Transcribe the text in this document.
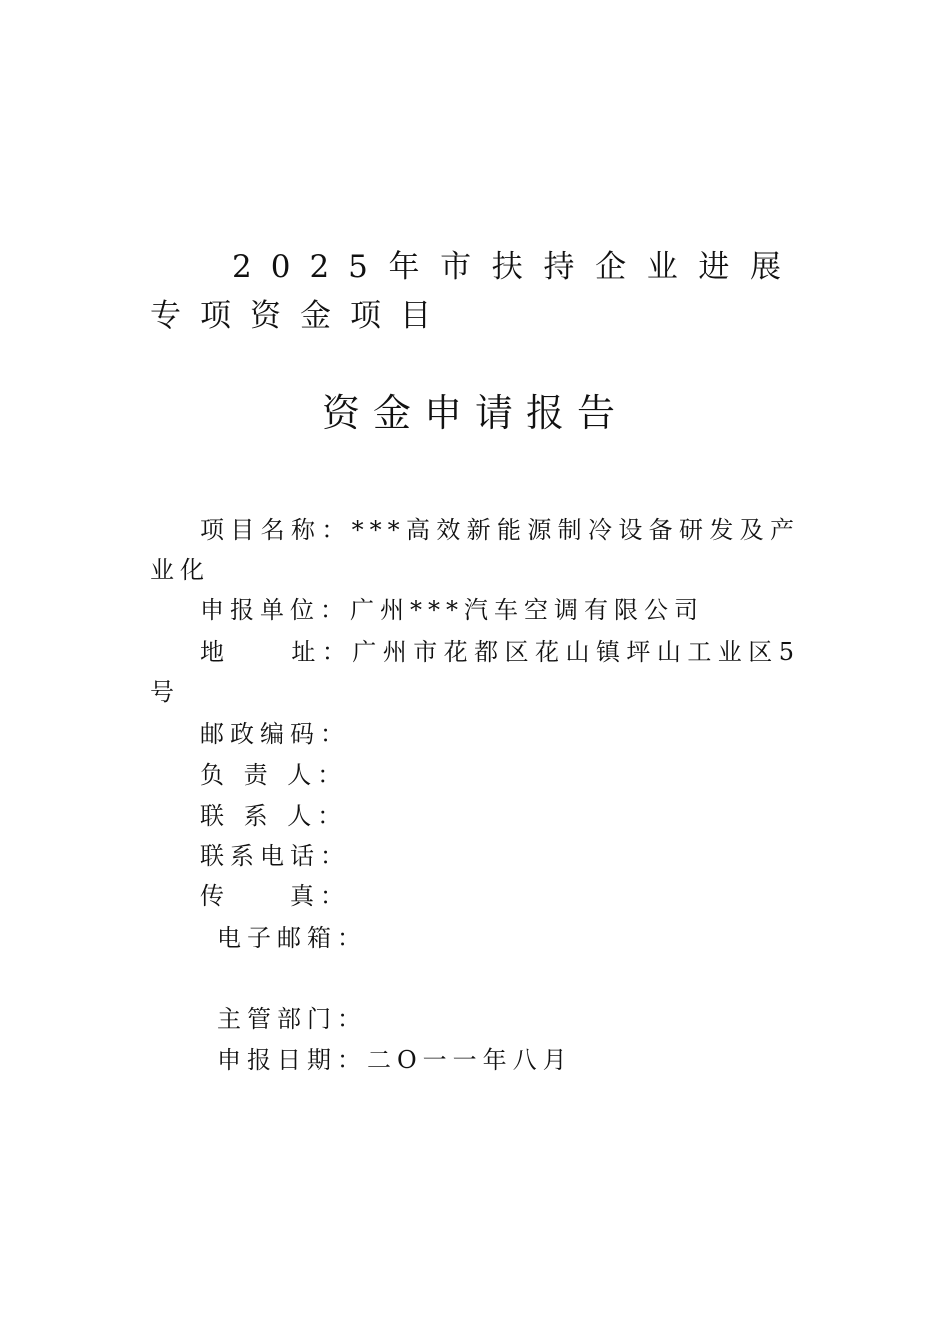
2025年市扶持企业进展专项资金项目
资金申请报告
项目名称：***高效新能源制冷设备研发及产业化
申报单位：广州***汽车空调有限公司
地　　址：广州市花都区花山镇坪山工业区5号
邮政编码：
负 责 人：
联 系 人：
联系电话：
传　　真：
电子邮箱：
主管部门：
申报日期：二O一一年八月
